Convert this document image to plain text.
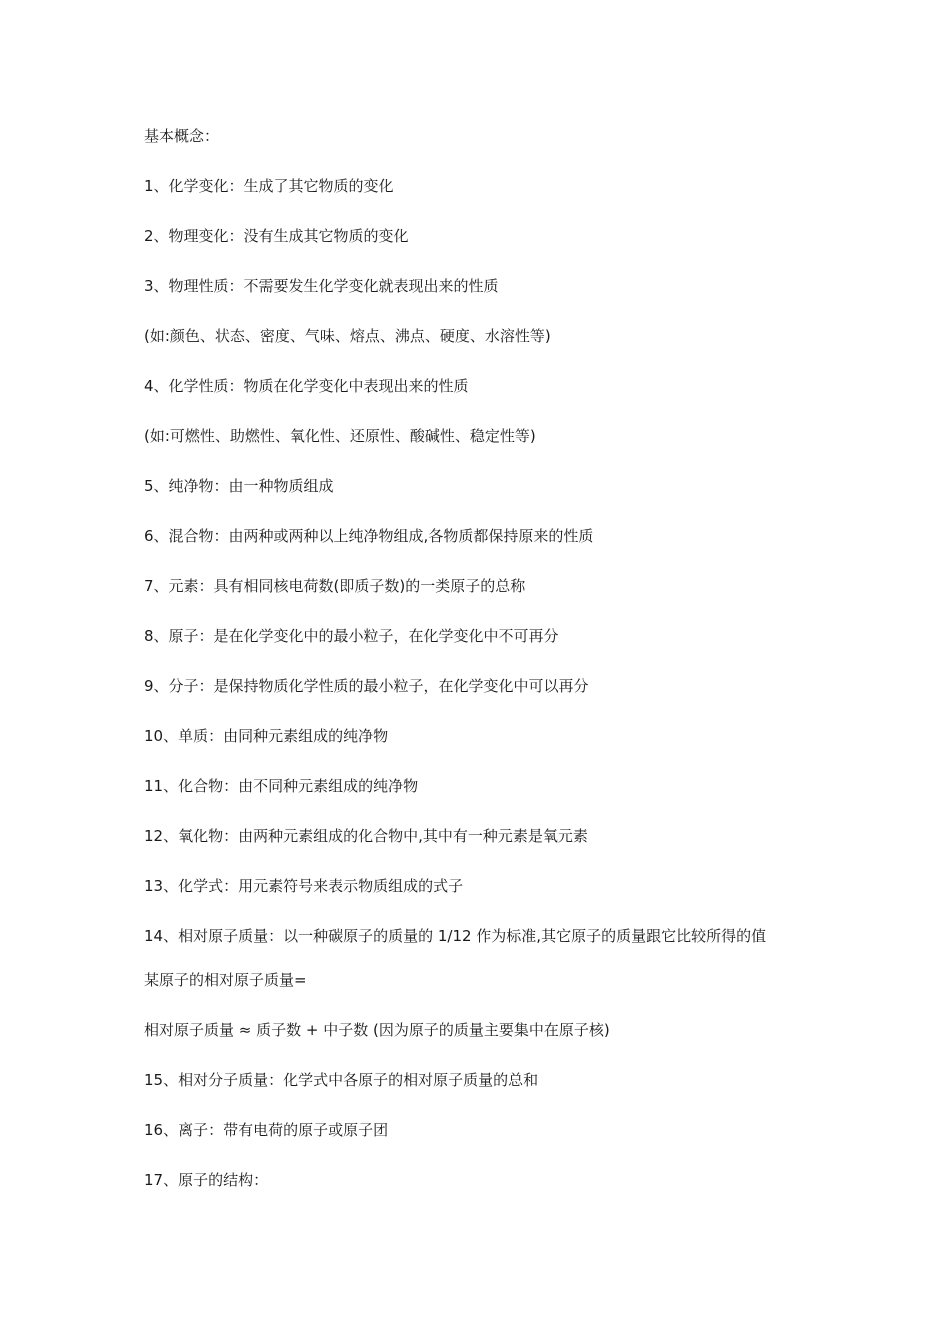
基本概念：

1、化学变化：生成了其它物质的变化

2、物理变化：没有生成其它物质的变化

3、物理性质：不需要发生化学变化就表现出来的性质

(如:颜色、状态、密度、气味、熔点、沸点、硬度、水溶性等)

4、化学性质：物质在化学变化中表现出来的性质

(如:可燃性、助燃性、氧化性、还原性、酸碱性、稳定性等)

5、纯净物：由一种物质组成

6、混合物：由两种或两种以上纯净物组成,各物质都保持原来的性质

7、元素：具有相同核电荷数(即质子数)的一类原子的总称

8、原子：是在化学变化中的最小粒子，在化学变化中不可再分

9、分子：是保持物质化学性质的最小粒子，在化学变化中可以再分

10、单质：由同种元素组成的纯净物

11、化合物：由不同种元素组成的纯净物

12、氧化物：由两种元素组成的化合物中,其中有一种元素是氧元素

13、化学式：用元素符号来表示物质组成的式子

14、相对原子质量：以一种碳原子的质量的 1/12 作为标准,其它原子的质量跟它比较所得的值

某原子的相对原子质量=

相对原子质量 ≈ 质子数 + 中子数 (因为原子的质量主要集中在原子核)

15、相对分子质量：化学式中各原子的相对原子质量的总和

16、离子：带有电荷的原子或原子团

17、原子的结构：
